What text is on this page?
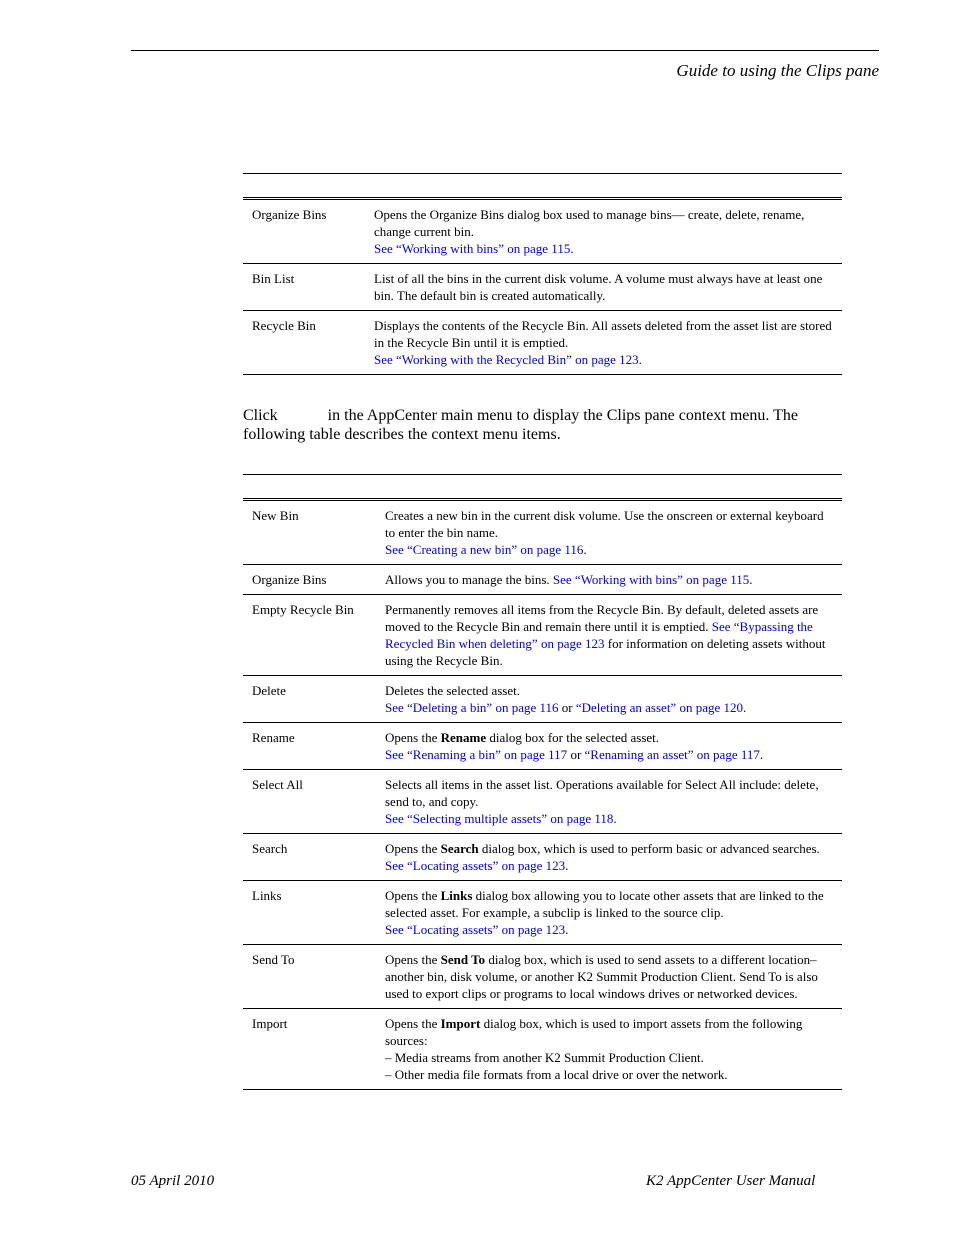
Guide to using the Clips pane

Organize Bins	Opens the Organize Bins dialog box used to manage bins— create, delete, rename, change current bin.
See “Working with bins” on page 115.
Bin List	List of all the bins in the current disk volume. A volume must always have at least one bin. The default bin is created automatically.
Recycle Bin	Displays the contents of the Recycle Bin. All assets deleted from the asset list are stored in the Recycle Bin until it is emptied.
See “Working with the Recycled Bin” on page 123.
Click	in the AppCenter main menu to display the Clips pane context menu. The following table describes the context menu items.

New Bin	Creates a new bin in the current disk volume. Use the onscreen or external keyboard to enter the bin name.
See “Creating a new bin” on page 116.
Organize Bins	Allows you to manage the bins. See “Working with bins” on page 115.
Empty Recycle Bin	Permanently removes all items from the Recycle Bin. By default, deleted assets are moved to the Recycle Bin and remain there until it is emptied. See “Bypassing the Recycled Bin when deleting” on page 123 for information on deleting assets without using the Recycle Bin.
Delete	Deletes the selected asset.
See “Deleting a bin” on page 116 or “Deleting an asset” on page 120.
Rename	Opens the Rename dialog box for the selected asset.
See “Renaming a bin” on page 117 or “Renaming an asset” on page 117.
Select All	Selects all items in the asset list. Operations available for Select All include: delete, send to, and copy.
See “Selecting multiple assets” on page 118.
Search	Opens the Search dialog box, which is used to perform basic or advanced searches.
See “Locating assets” on page 123.
Links	Opens the Links dialog box allowing you to locate other assets that are linked to the selected asset. For example, a subclip is linked to the source clip.
See “Locating assets” on page 123.
Send To	Opens the Send To dialog box, which is used to send assets to a different location– another bin, disk volume, or another K2 Summit Production Client. Send To is also used to export clips or programs to local windows drives or networked devices.
Import	Opens the Import dialog box, which is used to import assets from the following sources:
– Media streams from another K2 Summit Production Client.
– Other media file formats from a local drive or over the network.
05 April 2010	K2 AppCenter User Manual
